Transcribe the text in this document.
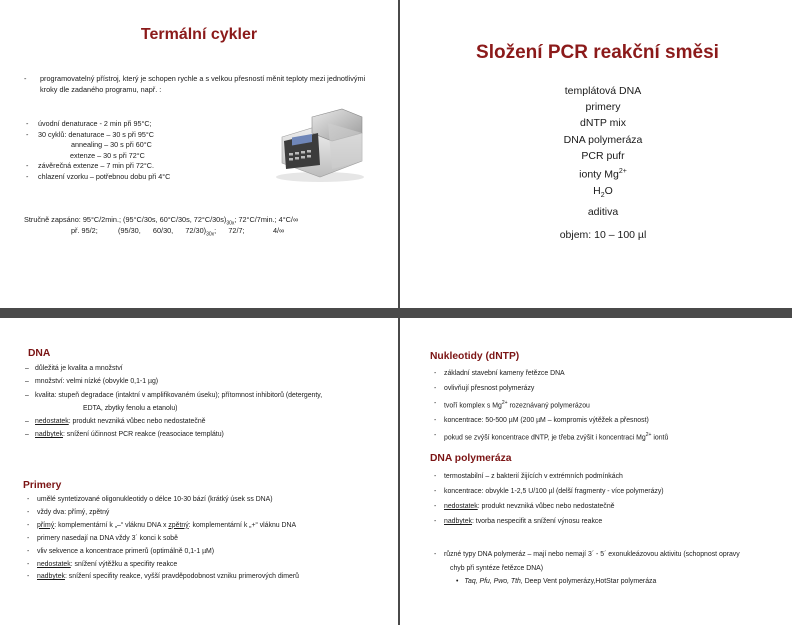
Termální cykler
- programovatelný přístroj, který je schopen rychle a s velkou přesností měnit teploty mezi jednotlivými kroky dle zadaného programu, např. :
- úvodní denaturace - 2 min při 95°C;
- 30 cyklů: denaturace – 30 s při 95°C
annealing – 30 s při 60°C
extenze – 30 s při 72°C
- závěrečná extenze – 7 min při 72°C.
- chlazení vzorku – potřebnou dobu při 4°C
Stručně zapsáno: 95°C/2min.; (95°C/30s, 60°C/30s, $72^\circ C/30s)_{30x}$; 72°C/7min.; 4°C/∞
př. 95/2;          (95/30,      60/30,      $72/30)_{30x}$;      72/7;              4/∞
Složení PCR reakční směsi
templátová DNA
primery
dNTP mix
DNA polymeráza
PCR pufr
ionty $Mg^{2+}$
$H_2O$
aditiva
objem: 10 – 100 µl
DNA
– důležitá je kvalita a množství
– množství: velmi nízké (obvykle 0,1-1 µg)
– kvalita: stupeň degradace (intaktní v amplifikovaném úseku); přítomnost inhibitorů (detergenty,
EDTA, zbytky fenolu a etanolu)
– nedostatek: produkt nevzniká vůbec nebo nedostatečně
– nadbytek: snížení účinnost PCR reakce (reasociace templátu)
Primery
- umělé syntetizované oligonukleotidy o délce 10-30 bází (krátký úsek ss DNA)
- vždy dva: přímý, zpětný
- přímý: komplementární k „–“ vláknu DNA x zpětný: komplementární k „+“ vláknu DNA
- primery nasedají na DNA vždy 3´ konci k sobě
- vliv sekvence a koncentrace primerů (optimálně 0,1-1 µM)
- nedostatek: snížení výtěžku a specifity reakce
- nadbytek: snížení specifity reakce, vyšší pravděpodobnost vzniku primerových dimerů
Nukleotidy (dNTP)
- základní stavební kameny řetězce DNA
- ovlivňují přesnost polymerázy
- tvoří komplex s $Mg^{2+}$ rozeznávaný polymerázou
- koncentrace: 50-500 µM (200 µM – kompromis výtěžek a přesnost)
- pokud se zvýší koncentrace dNTP, je třeba zvýšit i koncentraci $Mg^{2+}$ iontů
DNA polymeráza
- termostabilní – z bakterií žijících v extrémních podmínkách
- koncentrace: obvykle 1-2,5 U/100 µl (delší fragmenty - více polymerázy)
- nedostatek: produkt nevzniká vůbec nebo nedostatečně
- nadbytek: tvorba nespecifit a snížení výnosu reakce
- různé typy DNA polymeráz – mají nebo nemají 3´ - 5´ exonukleázovou aktivitu (schopnost opravy
chyb při syntéze řetězce DNA)
• Taq, Pfu, Pwo, Tth, Deep Vent polymerázy,HotStar polymeráza
